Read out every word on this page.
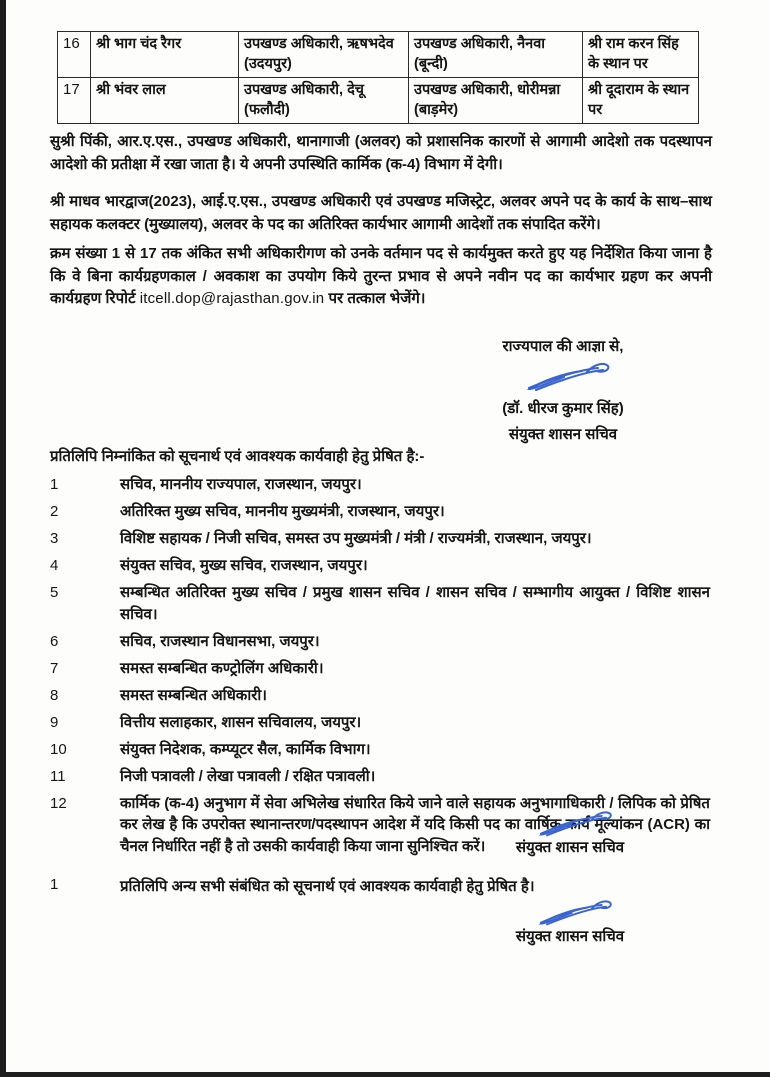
16	श्री भाग चंद रैगर	उपखण्ड अधिकारी, ऋषभदेव (उदयपुर)	उपखण्ड अधिकारी, नैनवा (बून्दी)	श्री राम करन सिंह के स्थान पर
17	श्री भंवर लाल	उपखण्ड अधिकारी, देचू (फलौदी)	उपखण्ड अधिकारी, धोरीमन्ना (बाड़मेर)	श्री दूदाराम के स्थान पर
सुश्री पिंकी, आर.ए.एस., उपखण्ड अधिकारी, थानागाजी (अलवर) को प्रशासनिक कारणों से आगामी आदेशो तक पदस्थापन आदेशो की प्रतीक्षा में रखा जाता है। ये अपनी उपस्थिति कार्मिक (क-4) विभाग में देगी।
श्री माधव भारद्वाज(2023), आई.ए.एस., उपखण्ड अधिकारी एवं उपखण्ड मजिस्ट्रेट, अलवर अपने पद के कार्य के साथ–साथ सहायक कलक्टर (मुख्यालय), अलवर के पद का अतिरिक्त कार्यभार आगामी आदेशों तक संपादित करेंगे।
क्रम संख्या 1 से 17 तक अंकित सभी अधिकारीगण को उनके वर्तमान पद से कार्यमुक्त करते हुए यह निर्देशित किया जाना है कि वे बिना कार्यग्रहणकाल / अवकाश का उपयोग किये तुरन्त प्रभाव से अपने नवीन पद का कार्यभार ग्रहण कर अपनी कार्यग्रहण रिपोर्ट itcell.dop@rajasthan.gov.in पर तत्काल भेजेंगे।
राज्यपाल की आज्ञा से,
(डॉ. धीरज कुमार सिंह)
संयुक्त शासन सचिव
प्रतिलिपि निम्नांकित को सूचनार्थ एवं आवश्यक कार्यवाही हेतु प्रेषित है:-
1	सचिव, माननीय राज्यपाल, राजस्थान, जयपुर।
2	अतिरिक्त मुख्य सचिव, माननीय मुख्यमंत्री, राजस्थान, जयपुर।
3	विशिष्ट सहायक / निजी सचिव, समस्त उप मुख्यमंत्री / मंत्री / राज्यमंत्री, राजस्थान, जयपुर।
4	संयुक्त सचिव, मुख्य सचिव, राजस्थान, जयपुर।
5	सम्बन्धित अतिरिक्त मुख्य सचिव / प्रमुख शासन सचिव / शासन सचिव / सम्भागीय आयुक्त / विशिष्ट शासन सचिव।
6	सचिव, राजस्थान विधानसभा, जयपुर।
7	समस्त सम्बन्धित कण्ट्रोलिंग अधिकारी।
8	समस्त सम्बन्धित अधिकारी।
9	वित्तीय सलाहकार, शासन सचिवालय, जयपुर।
10	संयुक्त निदेशक, कम्प्यूटर सैल, कार्मिक विभाग।
11	निजी पत्रावली / लेखा पत्रावली / रक्षित पत्रावली।
12	कार्मिक (क-4) अनुभाग में सेवा अभिलेख संधारित किये जाने वाले सहायक अनुभागाधिकारी / लिपिक को प्रेषित कर लेख है कि उपरोक्त स्थानान्तरण/पदस्थापन आदेश में यदि किसी पद का वार्षिक कार्य मूल्यांकन (ACR) का चैनल निर्धारित नहीं है तो उसकी कार्यवाही किया जाना सुनिश्चित करें।	संयुक्त शासन सचिव
1	प्रतिलिपि अन्य सभी संबंधित को सूचनार्थ एवं आवश्यक कार्यवाही हेतु प्रेषित है।
संयुक्त शासन सचिव
